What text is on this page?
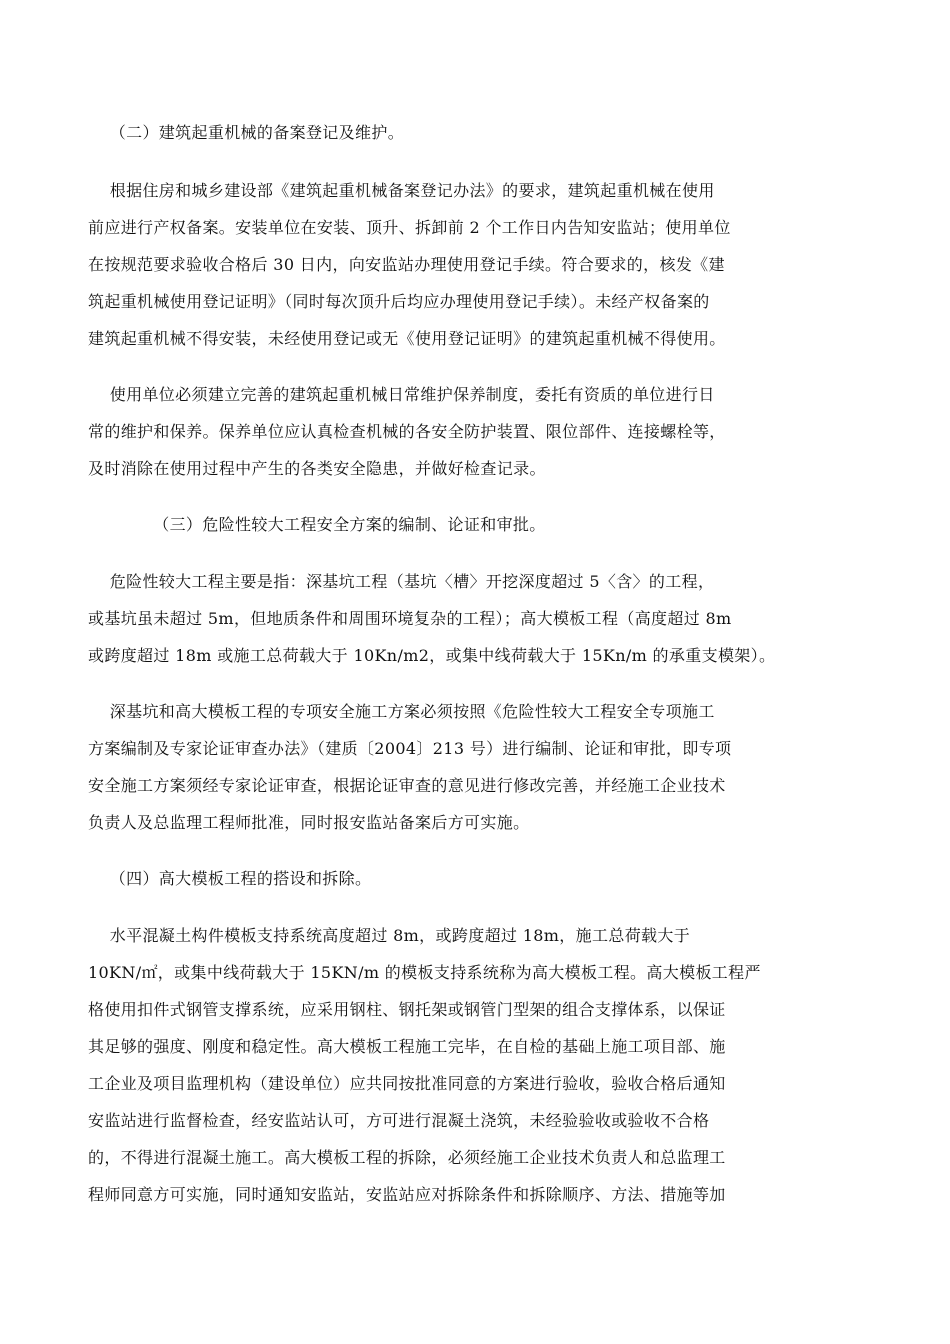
（二）建筑起重机械的备案登记及维护。

根据住房和城乡建设部《建筑起重机械备案登记办法》的要求，建筑起重机械在使用

前应进行产权备案。安装单位在安装、顶升、拆卸前 2 个工作日内告知安监站；使用单位

在按规范要求验收合格后 30 日内，向安监站办理使用登记手续。符合要求的，核发《建

筑起重机械使用登记证明》（同时每次顶升后均应办理使用登记手续）。未经产权备案的

建筑起重机械不得安装，未经使用登记或无《使用登记证明》的建筑起重机械不得使用。

使用单位必须建立完善的建筑起重机械日常维护保养制度，委托有资质的单位进行日

常的维护和保养。保养单位应认真检查机械的各安全防护装置、限位部件、连接螺栓等，

及时消除在使用过程中产生的各类安全隐患，并做好检查记录。

（三）危险性较大工程安全方案的编制、论证和审批。

危险性较大工程主要是指：深基坑工程（基坑〈槽〉开挖深度超过 5〈含〉的工程，

或基坑虽未超过 5m，但地质条件和周围环境复杂的工程）；高大模板工程（高度超过 8m

或跨度超过 18m 或施工总荷载大于 10Kn/m2，或集中线荷载大于 15Kn/m 的承重支模架）。

深基坑和高大模板工程的专项安全施工方案必须按照《危险性较大工程安全专项施工

方案编制及专家论证审查办法》（建质〔2004〕213 号）进行编制、论证和审批，即专项

安全施工方案须经专家论证审查，根据论证审查的意见进行修改完善，并经施工企业技术

负责人及总监理工程师批准，同时报安监站备案后方可实施。

（四）高大模板工程的搭设和拆除。

水平混凝土构件模板支持系统高度超过 8m，或跨度超过 18m，施工总荷载大于

10KN/㎡，或集中线荷载大于 15KN/m 的模板支持系统称为高大模板工程。高大模板工程严

格使用扣件式钢管支撑系统，应采用钢柱、钢托架或钢管门型架的组合支撑体系，以保证

其足够的强度、刚度和稳定性。高大模板工程施工完毕，在自检的基础上施工项目部、施

工企业及项目监理机构（建设单位）应共同按批准同意的方案进行验收，验收合格后通知

安监站进行监督检查，经安监站认可，方可进行混凝土浇筑，未经验验收或验收不合格

的，不得进行混凝土施工。高大模板工程的拆除，必须经施工企业技术负责人和总监理工

程师同意方可实施，同时通知安监站，安监站应对拆除条件和拆除顺序、方法、措施等加
